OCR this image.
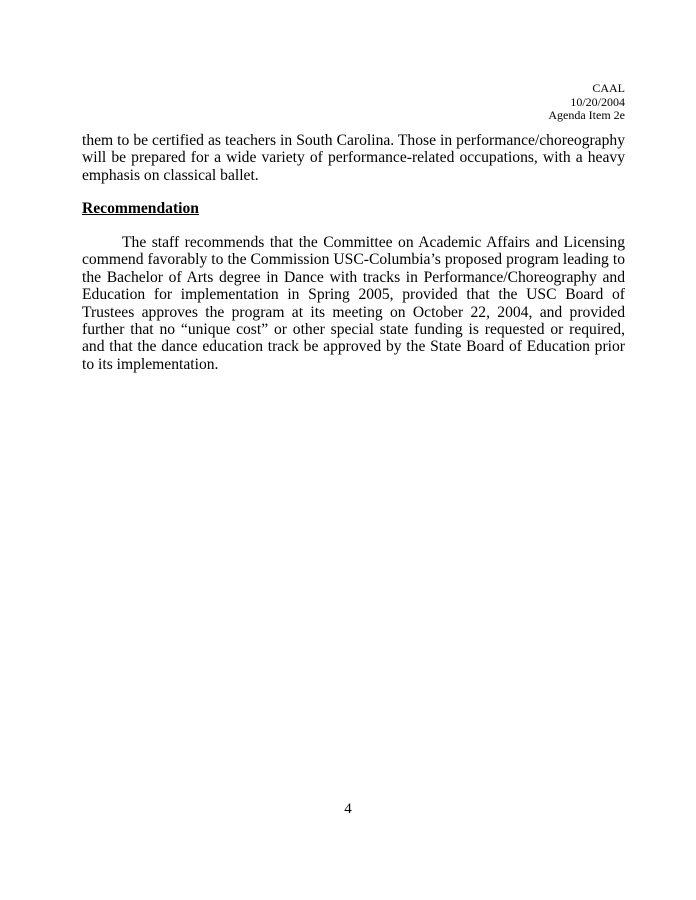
CAAL
10/20/2004
Agenda Item 2e
them to be certified as teachers in South Carolina. Those in performance/choreography will be prepared for a wide variety of performance-related occupations, with a heavy emphasis on classical ballet.
Recommendation
The staff recommends that the Committee on Academic Affairs and Licensing commend favorably to the Commission USC-Columbia’s proposed program leading to the Bachelor of Arts degree in Dance with tracks in Performance/Choreography and Education for implementation in Spring 2005, provided that the USC Board of Trustees approves the program at its meeting on October 22, 2004, and provided further that no “unique cost” or other special state funding is requested or required, and that the dance education track be approved by the State Board of Education prior to its implementation.
4
